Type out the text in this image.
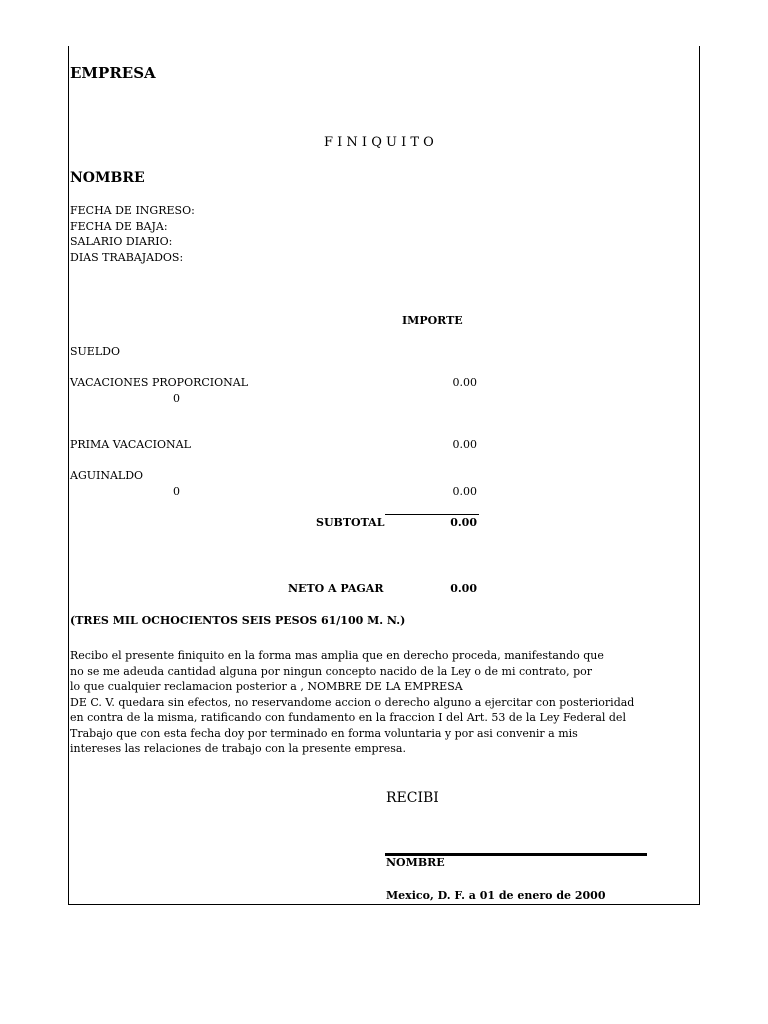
EMPRESA
F I N I Q U I T O
NOMBRE
FECHA DE INGRESO:
FECHA DE BAJA:
SALARIO DIARIO:
DIAS TRABAJADOS:
IMPORTE
SUELDO
VACACIONES PROPORCIONAL	0.00
0
PRIMA VACACIONAL	0.00
AGUINALDO
0	0.00
SUBTOTAL	0.00
NETO A PAGAR	0.00
(TRES MIL OCHOCIENTOS SEIS PESOS 61/100 M. N.)
Recibo el presente finiquito en la forma mas amplia que en derecho proceda, manifestando que
no se me adeuda cantidad alguna por ningun concepto nacido de la Ley o de mi contrato, por
lo que cualquier reclamacion posterior a , NOMBRE DE LA EMPRESA
DE C. V. quedara sin efectos, no reservandome accion o derecho alguno a ejercitar con posterioridad
en contra de la misma, ratificando con fundamento en la fraccion I del Art. 53 de la Ley Federal del
Trabajo que con esta fecha doy por terminado en forma voluntaria y por asi convenir a mis
intereses las relaciones de trabajo con la presente empresa.
RECIBI
NOMBRE
Mexico, D. F. a 01 de enero de 2000
